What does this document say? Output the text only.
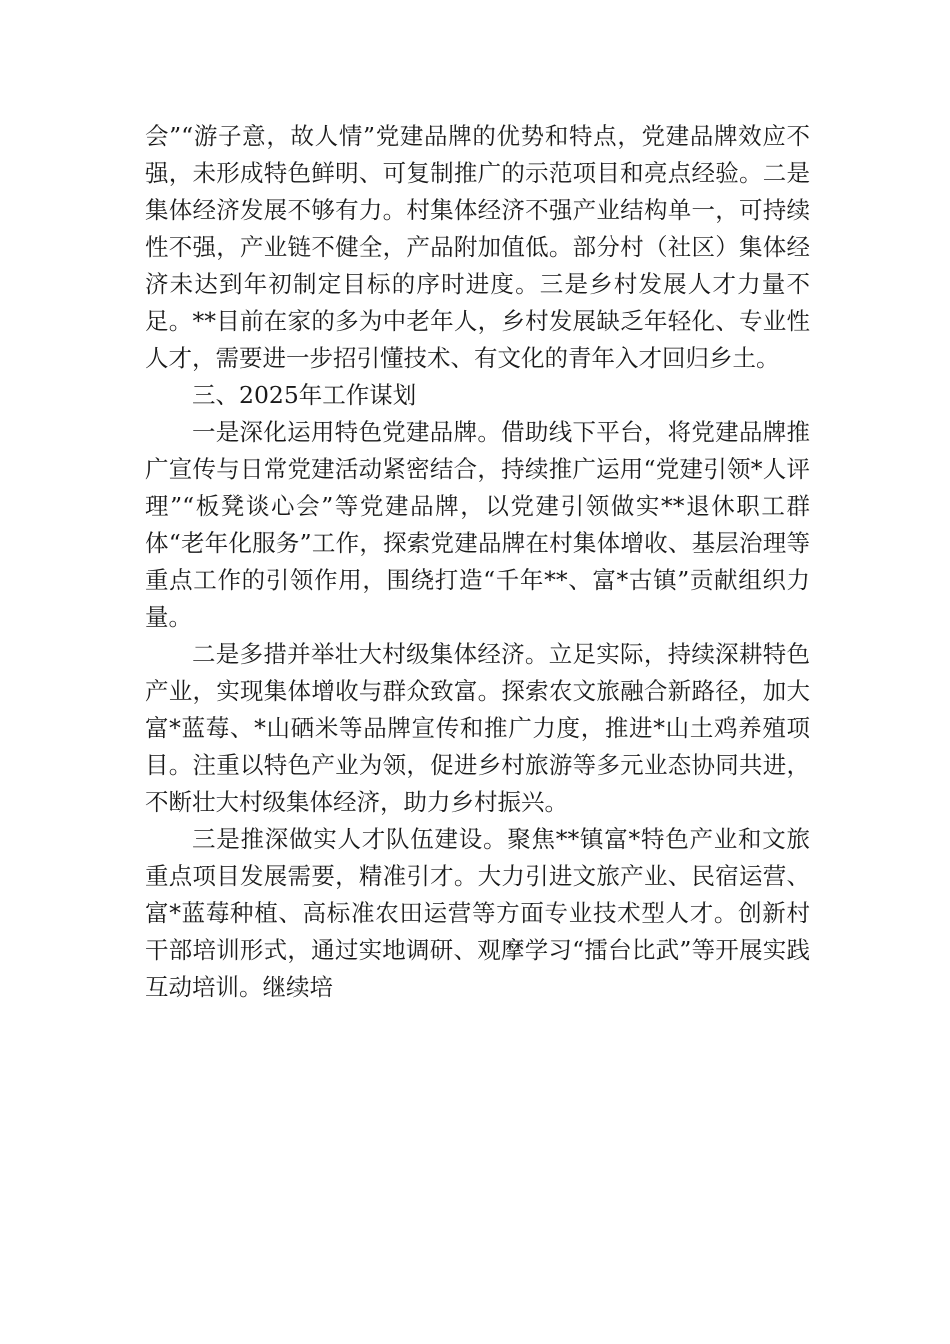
会”“游子意，故人情”党建品牌的优势和特点，党建品牌效应不强，未形成特色鲜明、可复制推广的示范项目和亮点经验。二是集体经济发展不够有力。村集体经济不强产业结构单一，可持续性不强，产业链不健全，产品附加值低。部分村（社区）集体经济未达到年初制定目标的序时进度。三是乡村发展人才力量不足。**目前在家的多为中老年人，乡村发展缺乏年轻化、专业性人才，需要进一步招引懂技术、有文化的青年入才回归乡土。

三、2025年工作谋划

一是深化运用特色党建品牌。借助线下平台，将党建品牌推广宣传与日常党建活动紧密结合，持续推广运用“党建引领*人评理”“板凳谈心会”等党建品牌，以党建引领做实**退休职工群体“老年化服务”工作，探索党建品牌在村集体增收、基层治理等重点工作的引领作用，围绕打造“千年**、富*古镇”贡献组织力量。

二是多措并举壮大村级集体经济。立足实际，持续深耕特色产业，实现集体增收与群众致富。探索农文旅融合新路径，加大富*蓝莓、*山硒米等品牌宣传和推广力度，推进*山土鸡养殖项目。注重以特色产业为领，促进乡村旅游等多元业态协同共进，不断壮大村级集体经济，助力乡村振兴。

三是推深做实人才队伍建设。聚焦**镇富*特色产业和文旅重点项目发展需要，精准引才。大力引进文旅产业、民宿运营、富*蓝莓种植、高标准农田运营等方面专业技术型人才。创新村干部培训形式，通过实地调研、观摩学习“擂台比武”等开展实践互动培训。继续培
